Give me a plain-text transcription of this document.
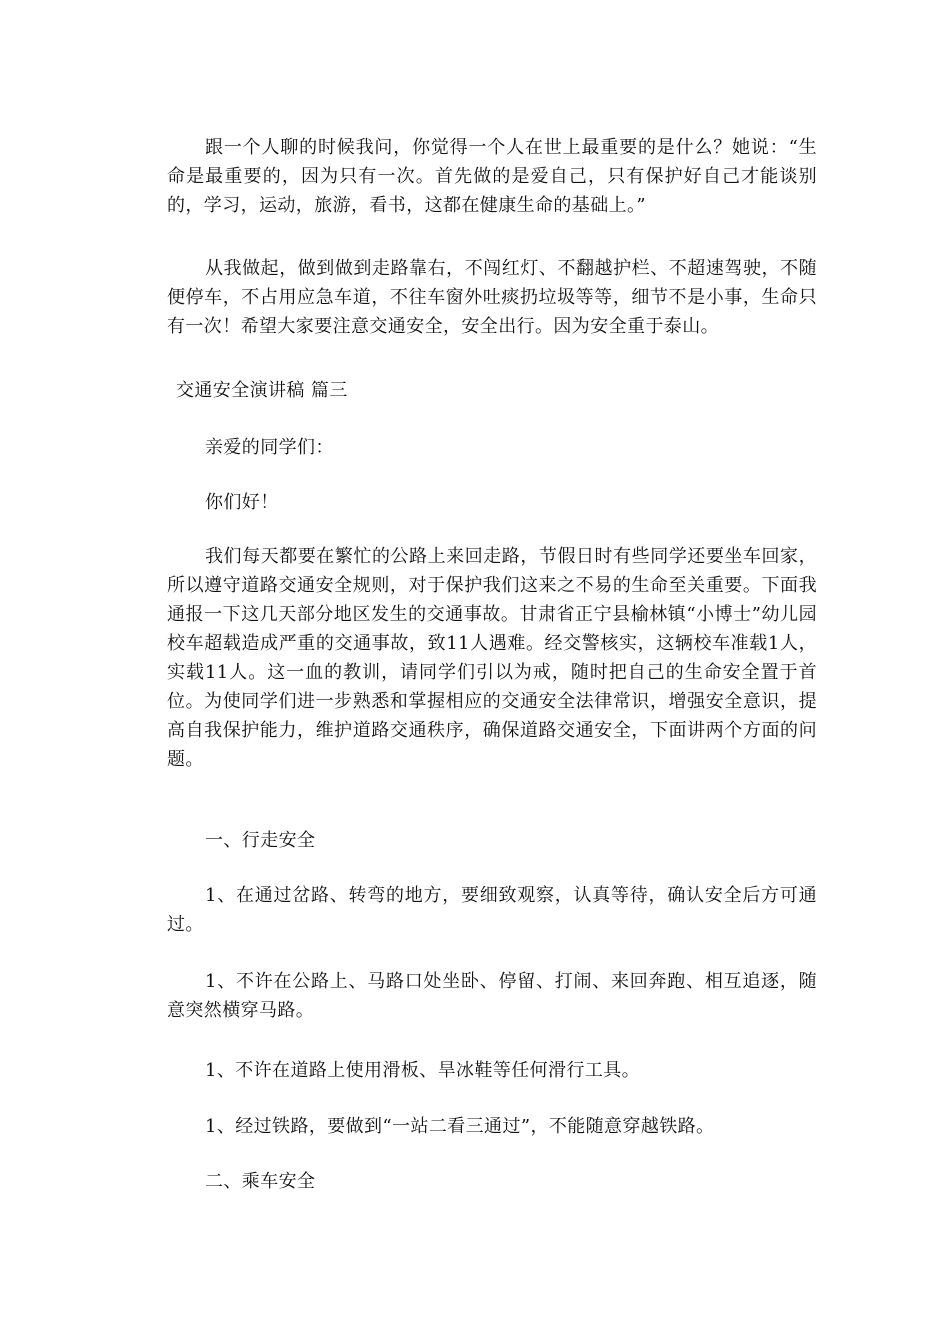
跟一个人聊的时候我问，你觉得一个人在世上最重要的是什么？她说：“生命是最重要的，因为只有一次。首先做的是爱自己，只有保护好自己才能谈别的，学习，运动，旅游，看书，这都在健康生命的基础上。”

从我做起，做到做到走路靠右，不闯红灯、不翻越护栏、不超速驾驶，不随便停车，不占用应急车道，不往车窗外吐痰扔垃圾等等，细节不是小事，生命只有一次！希望大家要注意交通安全，安全出行。因为安全重于泰山。

交通安全演讲稿 篇三

亲爱的同学们：

你们好！

我们每天都要在繁忙的公路上来回走路，节假日时有些同学还要坐车回家，所以遵守道路交通安全规则，对于保护我们这来之不易的生命至关重要。下面我通报一下这几天部分地区发生的交通事故。甘肃省正宁县榆林镇“小博士”幼儿园校车超载造成严重的交通事故，致11人遇难。经交警核实，这辆校车准载1人，实载11人。这一血的教训，请同学们引以为戒，随时把自己的生命安全置于首位。为使同学们进一步熟悉和掌握相应的交通安全法律常识，增强安全意识，提高自我保护能力，维护道路交通秩序，确保道路交通安全，下面讲两个方面的问题。

一、行走安全

1、在通过岔路、转弯的地方，要细致观察，认真等待，确认安全后方可通过。

1、不许在公路上、马路口处坐卧、停留、打闹、来回奔跑、相互追逐，随意突然横穿马路。

1、不许在道路上使用滑板、旱冰鞋等任何滑行工具。

1、经过铁路，要做到“一站二看三通过”，不能随意穿越铁路。

二、乘车安全
